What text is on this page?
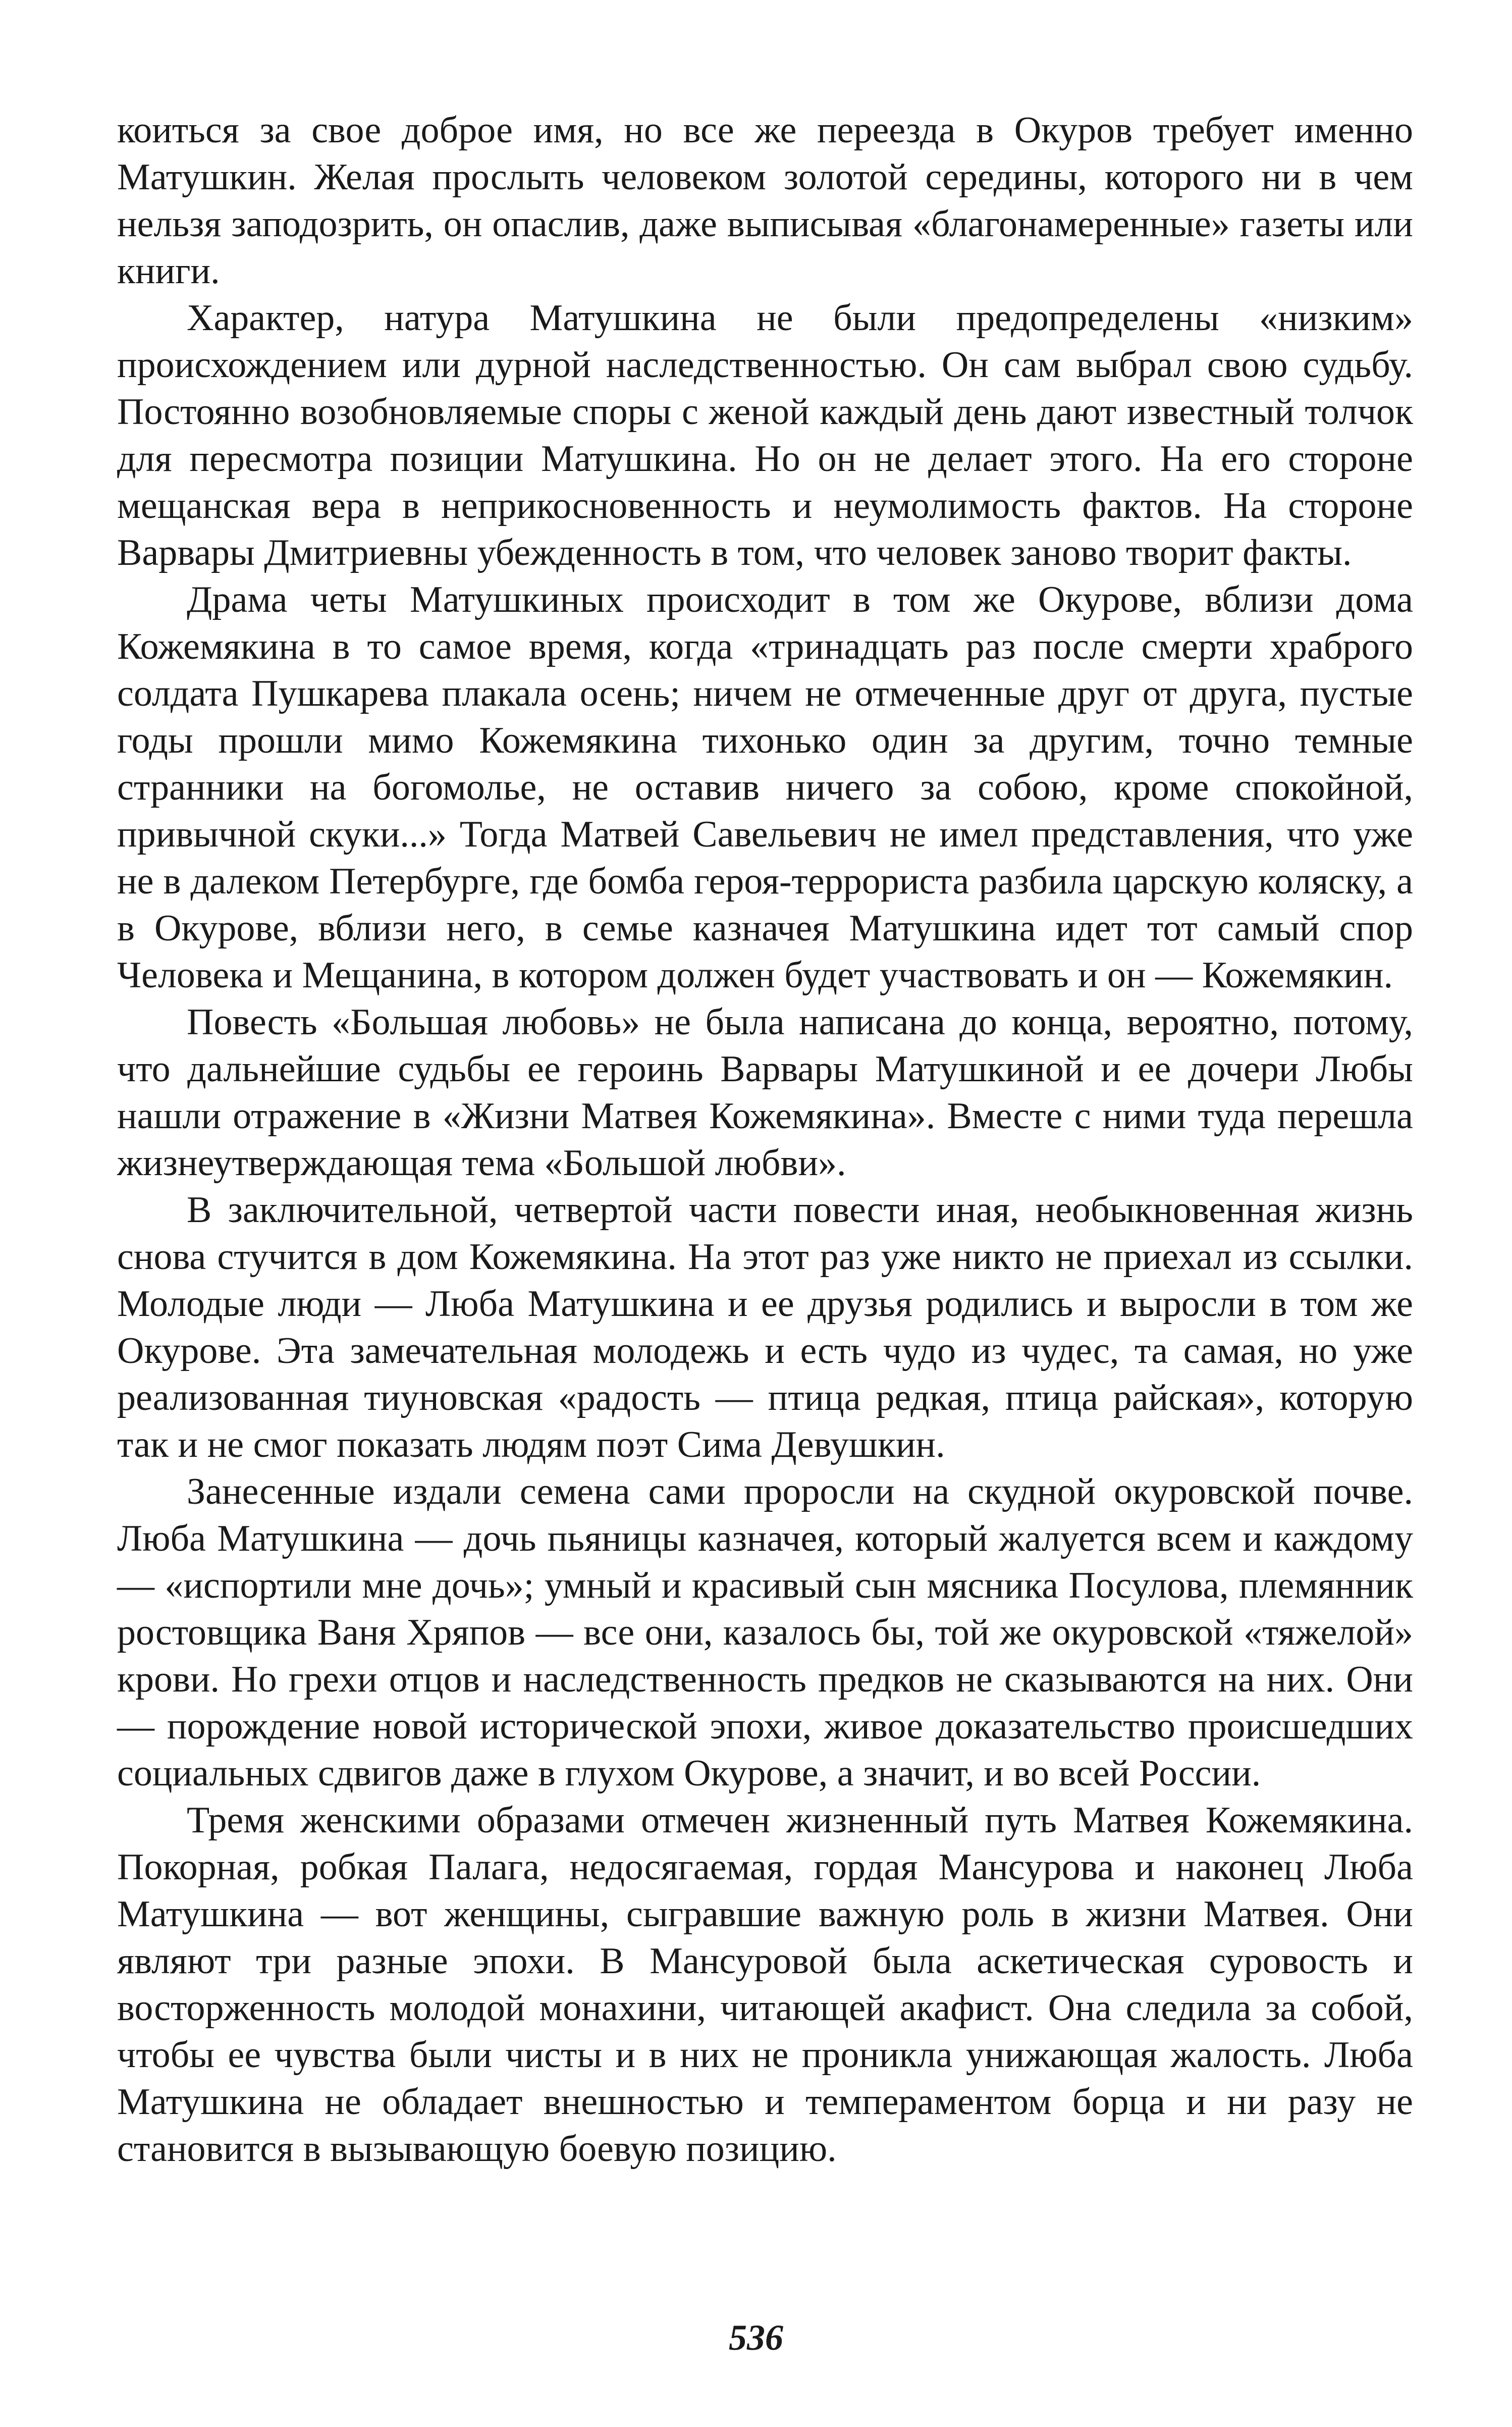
коиться за свое доброе имя, но все же переезда в Окуров требует именно Матушкин. Желая прослыть человеком золотой середины, которого ни в чем нельзя заподозрить, он опаслив, даже выписывая «благонамеренные» газеты или книги.

Характер, натура Матушкина не были предопределены «низким» происхождением или дурной наследственностью. Он сам выбрал свою судьбу. Постоянно возобновляемые споры с женой каждый день дают известный толчок для пересмотра позиции Матушкина. Но он не делает этого. На его стороне мещанская вера в неприкосновенность и неумолимость фактов. На стороне Варвары Дмитриевны убежденность в том, что человек заново творит факты.

Драма четы Матушкиных происходит в том же Окурове, вблизи дома Кожемякина в то самое время, когда «тринадцать раз после смерти храброго солдата Пушкарева плакала осень; ничем не отмеченные друг от друга, пустые годы прошли мимо Кожемякина тихонько один за другим, точно темные странники на богомолье, не оставив ничего за собою, кроме спокойной, привычной скуки...» Тогда Матвей Савельевич не имел представления, что уже не в далеком Петербурге, где бомба героя-террориста разбила царскую коляску, а в Окурове, вблизи него, в семье казначея Матушкина идет тот самый спор Человека и Мещанина, в котором должен будет участвовать и он — Кожемякин.

Повесть «Большая любовь» не была написана до конца, вероятно, потому, что дальнейшие судьбы ее героинь Варвары Матушкиной и ее дочери Любы нашли отражение в «Жизни Матвея Кожемякина». Вместе с ними туда перешла жизнеутверждающая тема «Большой любви».

В заключительной, четвертой части повести иная, необыкновенная жизнь снова стучится в дом Кожемякина. На этот раз уже никто не приехал из ссылки. Молодые люди — Люба Матушкина и ее друзья родились и выросли в том же Окурове. Эта замечательная молодежь и есть чудо из чудес, та самая, но уже реализованная тиуновская «радость — птица редкая, птица райская», которую так и не смог показать людям поэт Сима Девушкин.

Занесенные издали семена сами проросли на скудной окуровской почве. Люба Матушкина — дочь пьяницы казначея, который жалуется всем и каждому — «испортили мне дочь»; умный и красивый сын мясника Посулова, племянник ростовщика Ваня Хряпов — все они, казалось бы, той же окуровской «тяжелой» крови. Но грехи отцов и наследственность предков не сказываются на них. Они — порождение новой исторической эпохи, живое доказательство происшедших социальных сдвигов даже в глухом Окурове, а значит, и во всей России.

Тремя женскими образами отмечен жизненный путь Матвея Кожемякина. Покорная, робкая Палага, недосягаемая, гордая Мансурова и наконец Люба Матушкина — вот женщины, сыгравшие важную роль в жизни Матвея. Они являют три разные эпохи. В Мансуровой была аскетическая суровость и восторженность молодой монахини, читающей акафист. Она следила за собой, чтобы ее чувства были чисты и в них не проникла унижающая жалость. Люба Матушкина не обладает внешностью и темпераментом борца и ни разу не становится в вызывающую боевую позицию.

536
